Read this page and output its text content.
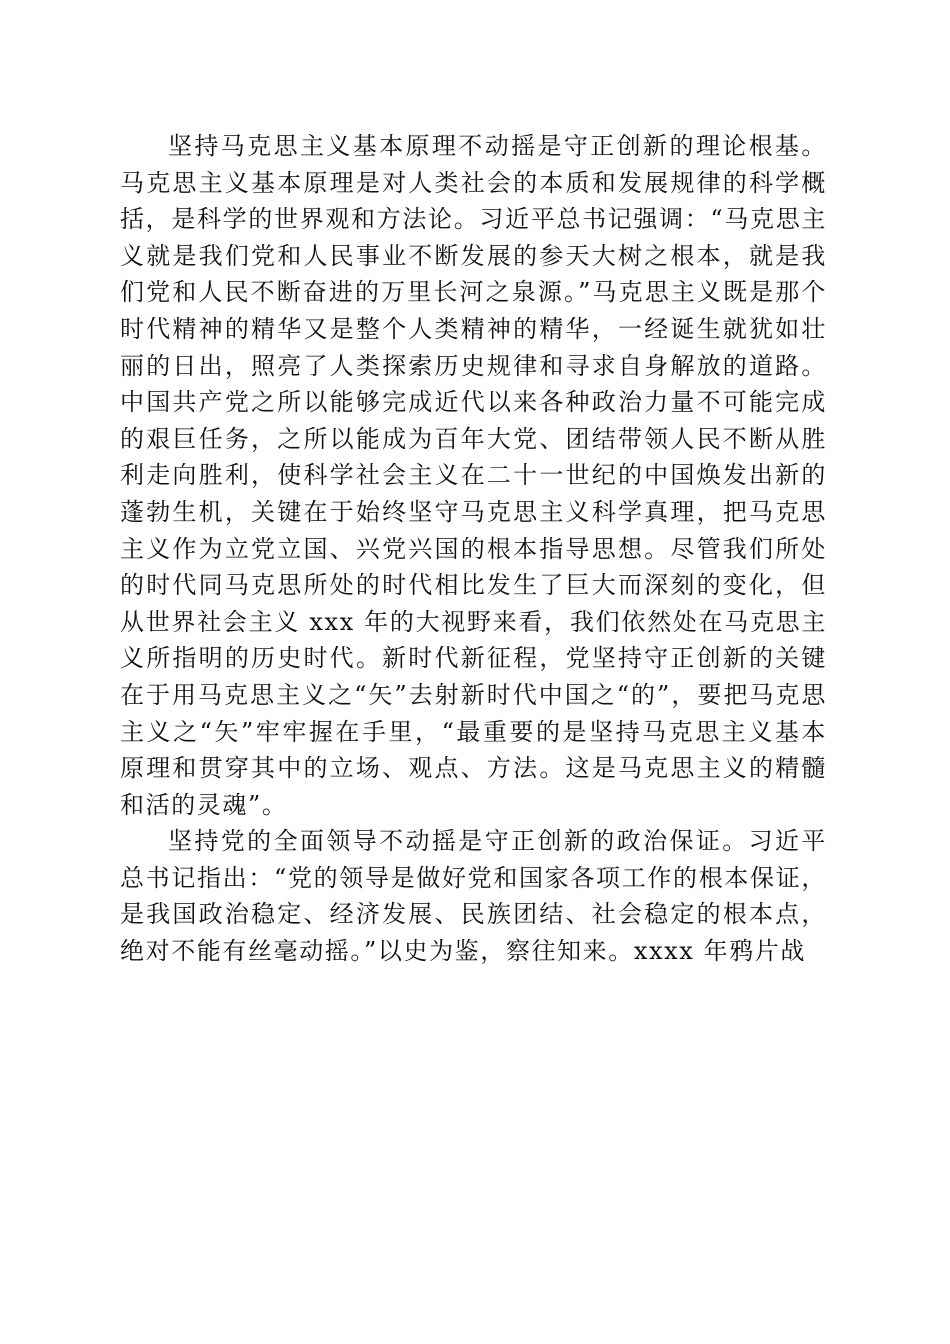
坚持马克思主义基本原理不动摇是守正创新的理论根基。马克思主义基本原理是对人类社会的本质和发展规律的科学概括，是科学的世界观和方法论。习近平总书记强调：“马克思主义就是我们党和人民事业不断发展的参天大树之根本，就是我们党和人民不断奋进的万里长河之泉源。”马克思主义既是那个时代精神的精华又是整个人类精神的精华，一经诞生就犹如壮丽的日出，照亮了人类探索历史规律和寻求自身解放的道路。中国共产党之所以能够完成近代以来各种政治力量不可能完成的艰巨任务，之所以能成为百年大党、团结带领人民不断从胜利走向胜利，使科学社会主义在二十一世纪的中国焕发出新的蓬勃生机，关键在于始终坚守马克思主义科学真理，把马克思主义作为立党立国、兴党兴国的根本指导思想。尽管我们所处的时代同马克思所处的时代相比发生了巨大而深刻的变化，但从世界社会主义 xxx 年的大视野来看，我们依然处在马克思主义所指明的历史时代。新时代新征程，党坚持守正创新的关键在于用马克思主义之“矢”去射新时代中国之“的”，要把马克思主义之“矢”牢牢握在手里，“最重要的是坚持马克思主义基本原理和贯穿其中的立场、观点、方法。这是马克思主义的精髓和活的灵魂”。

坚持党的全面领导不动摇是守正创新的政治保证。习近平总书记指出：“党的领导是做好党和国家各项工作的根本保证，是我国政治稳定、经济发展、民族团结、社会稳定的根本点，绝对不能有丝毫动摇。”以史为鉴，察往知来。xxxx 年鸦片战
